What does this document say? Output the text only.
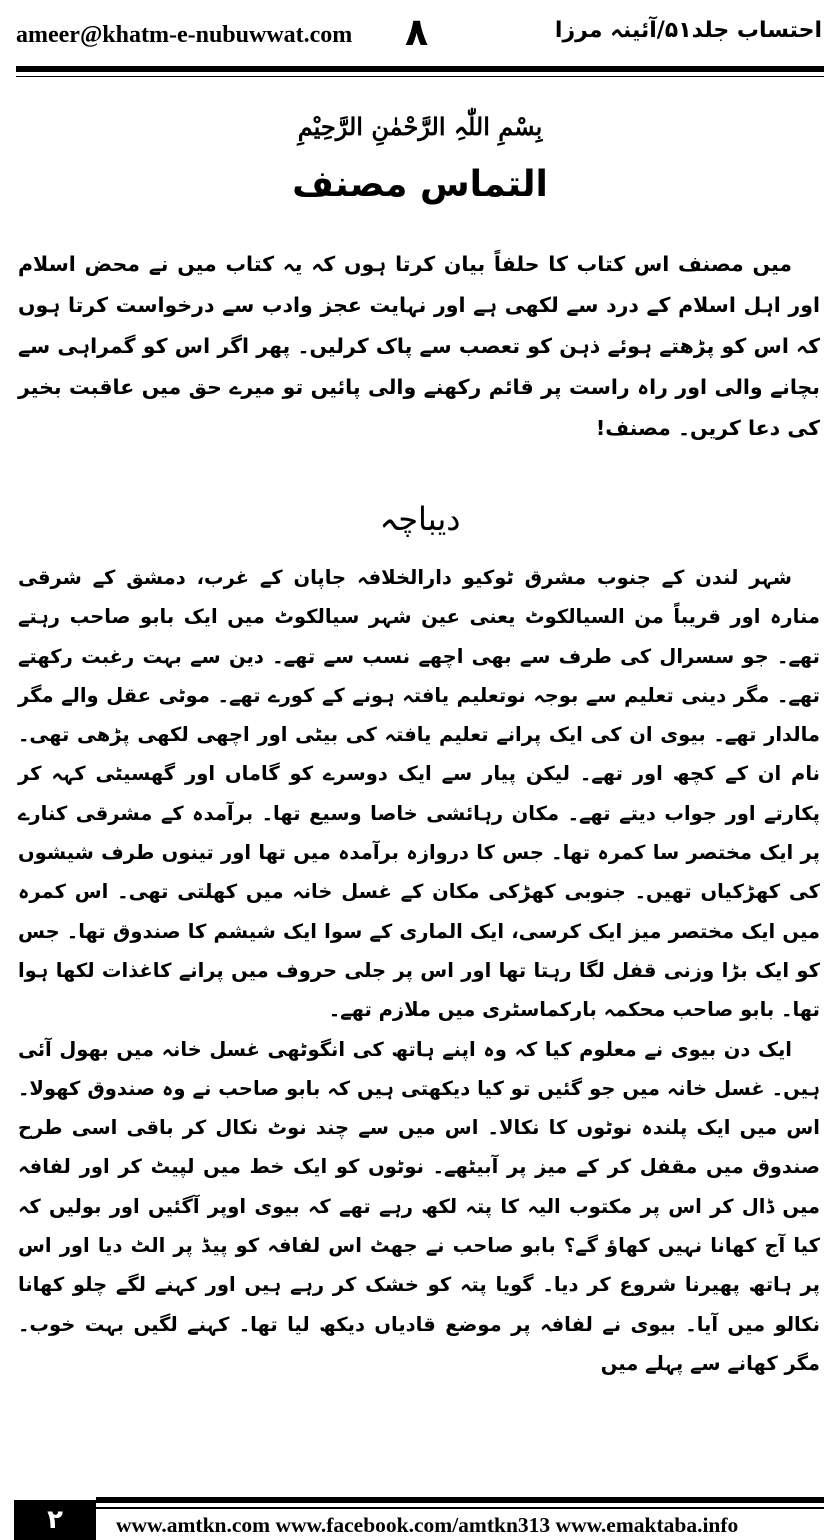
ameer@khatm-e-nubuwwat.com ٨	احتساب جلد۵۱/آئینہ مرزا
بِسْمِ اللّٰہِ الرَّحْمٰنِ الرَّحِیْمِ
التماس مصنف

میں مصنف اس کتاب کا حلفاً بیان کرتا ہوں کہ یہ کتاب میں نے محض اسلام اور اہل اسلام کے درد سے لکھی ہے اور نہایت عجز وادب سے درخواست کرتا ہوں کہ اس کو پڑھتے ہوئے ذہن کو تعصب سے پاک کرلیں۔ پھر اگر اس کو گمراہی سے بچانے والی اور راہ راست پر قائم رکھنے والی پائیں تو میرے حق میں عاقبت بخیر کی دعا کریں۔ مصنف!

دیباچہ

شہر لندن کے جنوب مشرق ٹوکیو دارالخلافہ جاپان کے غرب، دمشق کے شرقی منارہ اور قریباً من السیالکوٹ یعنی عین شہر سیالکوٹ میں ایک بابو صاحب رہتے تھے۔ جو سسرال کی طرف سے بھی اچھے نسب سے تھے۔ دین سے بہت رغبت رکھتے تھے۔ مگر دینی تعلیم سے بوجہ نوتعلیم یافتہ ہونے کے کورے تھے۔ موٹی عقل والے مگر مالدار تھے۔ بیوی ان کی ایک پرانے تعلیم یافتہ کی بیٹی اور اچھی لکھی پڑھی تھی۔ نام ان کے کچھ اور تھے۔ لیکن پیار سے ایک دوسرے کو گاماں اور گھسیٹی کہہ کر پکارتے اور جواب دیتے تھے۔ مکان رہائشی خاصا وسیع تھا۔ برآمدہ کے مشرقی کنارے پر ایک مختصر سا کمرہ تھا۔ جس کا دروازہ برآمدہ میں تھا اور تینوں طرف شیشوں کی کھڑکیاں تھیں۔ جنوبی کھڑکی مکان کے غسل خانہ میں کھلتی تھی۔ اس کمرہ میں ایک مختصر میز ایک کرسی، ایک الماری کے سوا ایک شیشم کا صندوق تھا۔ جس کو ایک بڑا وزنی قفل لگا رہتا تھا اور اس پر جلی حروف میں پرانے کاغذات لکھا ہوا تھا۔ بابو صاحب محکمہ بارکماسٹری میں ملازم تھے۔

ایک دن بیوی نے معلوم کیا کہ وہ اپنے ہاتھ کی انگوٹھی غسل خانہ میں بھول آئی ہیں۔ غسل خانہ میں جو گئیں تو کیا دیکھتی ہیں کہ بابو صاحب نے وہ صندوق کھولا۔ اس میں ایک پلندہ نوٹوں کا نکالا۔ اس میں سے چند نوٹ نکال کر باقی اسی طرح صندوق میں مقفل کر کے میز پر آبیٹھے۔ نوٹوں کو ایک خط میں لپیٹ کر اور لفافہ میں ڈال کر اس پر مکتوب الیہ کا پتہ لکھ رہے تھے کہ بیوی اوپر آگئیں اور بولیں کہ کیا آج کھانا نہیں کھاؤ گے؟ بابو صاحب نے جھٹ اس لفافہ کو پیڈ پر الٹ دیا اور اس پر ہاتھ پھیرنا شروع کر دیا۔ گویا پتہ کو خشک کر رہے ہیں اور کہنے لگے چلو کھانا نکالو میں آیا۔ بیوی نے لفافہ پر موضع قادیاں دیکھ لیا تھا۔ کہنے لگیں بہت خوب۔ مگر کھانے سے پہلے میں

۲	www.amtkn.com www.facebook.com/amtkn313 www.emaktaba.info
